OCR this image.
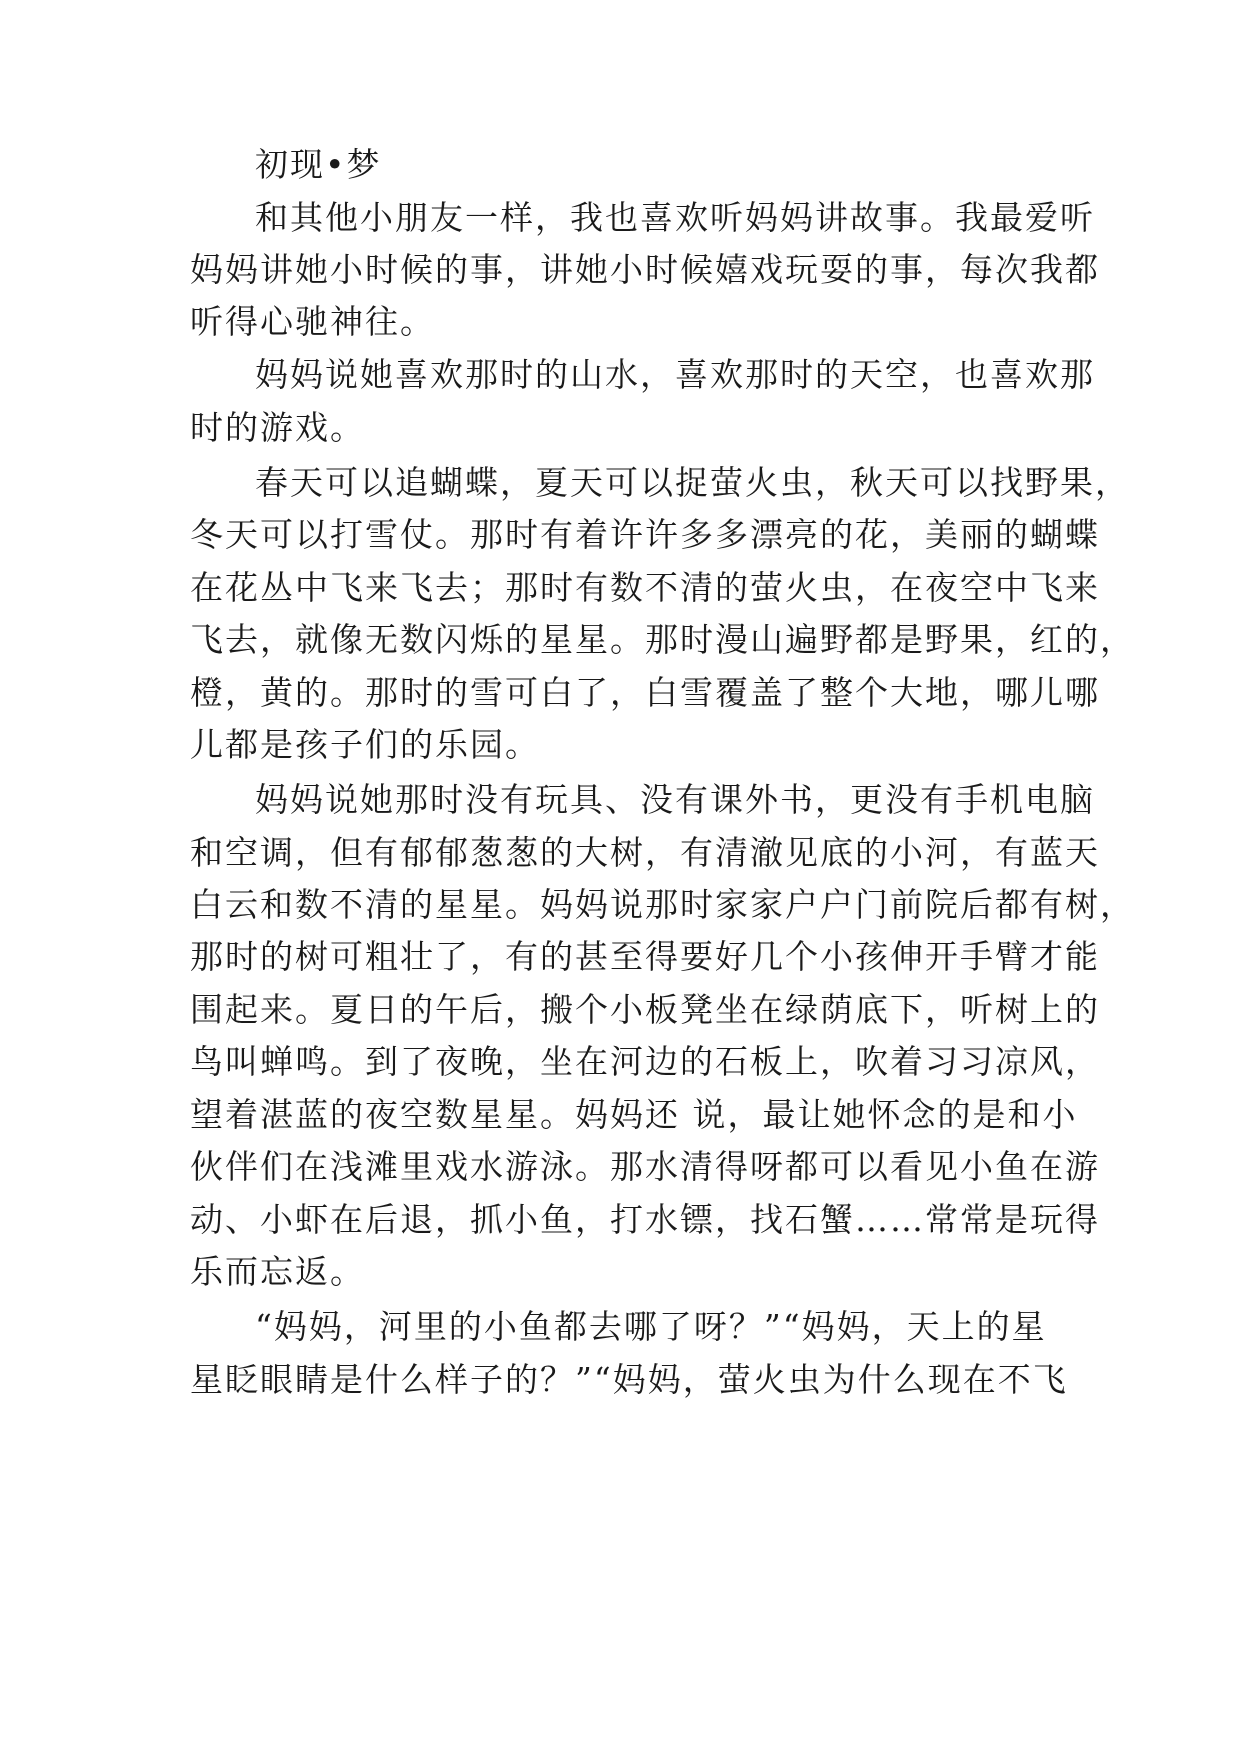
初现•梦
和其他小朋友一样，我也喜欢听妈妈讲故事。我最爱听
妈妈讲她小时候的事，讲她小时候嬉戏玩耍的事，每次我都
听得心驰神往。
妈妈说她喜欢那时的山水，喜欢那时的天空，也喜欢那
时的游戏。
春天可以追蝴蝶，夏天可以捉萤火虫，秋天可以找野果，
冬天可以打雪仗。那时有着许许多多漂亮的花，美丽的蝴蝶
在花丛中飞来飞去；那时有数不清的萤火虫，在夜空中飞来
飞去，就像无数闪烁的星星。那时漫山遍野都是野果，红的，
橙，黄的。那时的雪可白了，白雪覆盖了整个大地，哪儿哪
儿都是孩子们的乐园。
妈妈说她那时没有玩具、没有课外书，更没有手机电脑
和空调，但有郁郁葱葱的大树，有清澈见底的小河，有蓝天
白云和数不清的星星。妈妈说那时家家户户门前院后都有树，
那时的树可粗壮了，有的甚至得要好几个小孩伸开手臂才能
围起来。夏日的午后，搬个小板凳坐在绿荫底下，听树上的
鸟叫蝉鸣。到了夜晚，坐在河边的石板上，吹着习习凉风，
望着湛蓝的夜空数星星。妈妈还 说，最让她怀念的是和小
伙伴们在浅滩里戏水游泳。那水清得呀都可以看见小鱼在游
动、小虾在后退，抓小鱼，打水镖，找石蟹……常常是玩得
乐而忘返。
“妈妈，河里的小鱼都去哪了呀？”“妈妈，天上的星
星眨眼睛是什么样子的？”“妈妈，萤火虫为什么现在不飞
